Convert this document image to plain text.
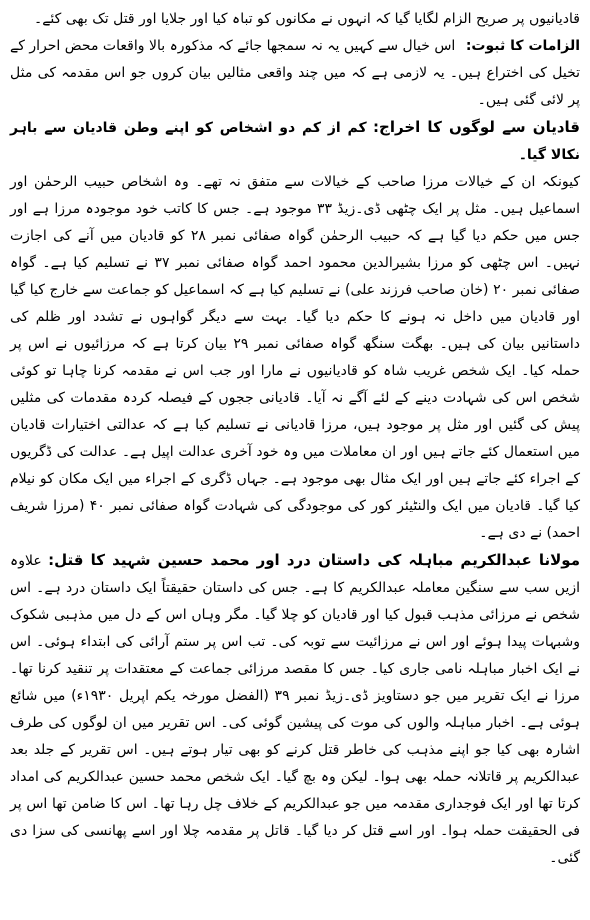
قادیانیوں پر صریح الزام لگایا گیا کہ انہوں نے مکانوں کو تباہ کیا اور جلایا اور قتل تک بھی کئے۔

الزامات کا ثبوت: اس خیال سے کہیں یہ نہ سمجھا جائے کہ مذکورہ بالا واقعات محض احرار کے تخیل کی اختراع ہیں۔ یہ لازمی ہے کہ میں چند واقعی مثالیں بیان کروں جو اس مقدمہ کی مثل پر لائی گئی ہیں۔

قادیان سے لوگوں کا اخراج: کم از کم دو اشخاص کو اپنے وطن قادیان سے باہر نکالا گیا۔

کیونکہ ان کے خیالات مرزا صاحب کے خیالات سے متفق نہ تھے۔ وہ اشخاص حبیب الرحمٰن اور اسماعیل ہیں۔ مثل پر ایک چٹھی ڈی۔زیڈ ۳۳ موجود ہے۔ جس کا کاتب خود موجودہ مرزا ہے اور جس میں حکم دیا گیا ہے کہ حبیب الرحمٰن گواہ صفائی نمبر ۲۸ کو قادیان میں آنے کی اجازت نہیں۔ اس چٹھی کو مرزا بشیرالدین محمود احمد گواہ صفائی نمبر ۳۷ نے تسلیم کیا ہے۔ گواہ صفائی نمبر ۲۰ (خان صاحب فرزند علی) نے تسلیم کیا ہے کہ اسماعیل کو جماعت سے خارج کیا گیا اور قادیان میں داخل نہ ہونے کا حکم دیا گیا۔ بہت سے دیگر گواہوں نے تشدد اور ظلم کی داستانیں بیان کی ہیں۔ بھگت سنگھ گواہ صفائی نمبر ۲۹ بیان کرتا ہے کہ مرزائیوں نے اس پر حملہ کیا۔ ایک شخص غریب شاہ کو قادیانیوں نے مارا اور جب اس نے مقدمہ کرنا چاہا تو کوئی شخص اس کی شہادت دینے کے لئے آگے نہ آیا۔ قادیانی ججوں کے فیصلہ کردہ مقدمات کی مثلیں پیش کی گئیں اور مثل پر موجود ہیں، مرزا قادیانی نے تسلیم کیا ہے کہ عدالتی اختیارات قادیان میں استعمال کئے جاتے ہیں اور ان معاملات میں وہ خود آخری عدالت اپیل ہے۔ عدالت کی ڈگریوں کے اجراء کئے جاتے ہیں اور ایک مثال بھی موجود ہے۔ جہاں ڈگری کے اجراء میں ایک مکان کو نیلام کیا گیا۔ قادیان میں ایک والنٹیئر کور کی موجودگی کی شہادت گواہ صفائی نمبر ۴۰ (مرزا شریف احمد) نے دی ہے۔

مولانا عبدالکریم مباہلہ کی داستان درد اور محمد حسین شہید کا قتل: علاوہ ازیں سب سے سنگین معاملہ عبدالکریم کا ہے۔ جس کی داستان حقیقتاً ایک داستان درد ہے۔ اس شخص نے مرزائی مذہب قبول کیا اور قادیان کو چلا گیا۔ مگر وہاں اس کے دل میں مذہبی شکوک وشبہات پیدا ہوئے اور اس نے مرزائیت سے توبہ کی۔ تب اس پر ستم آرائی کی ابتداء ہوئی۔ اس نے ایک اخبار مباہلہ نامی جاری کیا۔ جس کا مقصد مرزائی جماعت کے معتقدات پر تنقید کرنا تھا۔ مرزا نے ایک تقریر میں جو دستاویز ڈی۔زیڈ نمبر ۳۹ (الفضل مورخہ یکم اپریل ۱۹۳۰ء) میں شائع ہوئی ہے۔ اخبار مباہلہ والوں کی موت کی پیشین گوئی کی۔ اس تقریر میں ان لوگوں کی طرف اشارہ بھی کیا جو اپنے مذہب کی خاطر قتل کرنے کو بھی تیار ہوتے ہیں۔ اس تقریر کے جلد بعد عبدالکریم پر قاتلانہ حملہ بھی ہوا۔ لیکن وہ بچ گیا۔ ایک شخص محمد حسین عبدالکریم کی امداد کرتا تھا اور ایک فوجداری مقدمہ میں جو عبدالکریم کے خلاف چل رہا تھا۔ اس کا ضامن تھا اس پر فی الحقیقت حملہ ہوا۔ اور اسے قتل کر دیا گیا۔ قاتل پر مقدمہ چلا اور اسے پھانسی کی سزا دی گئی۔
